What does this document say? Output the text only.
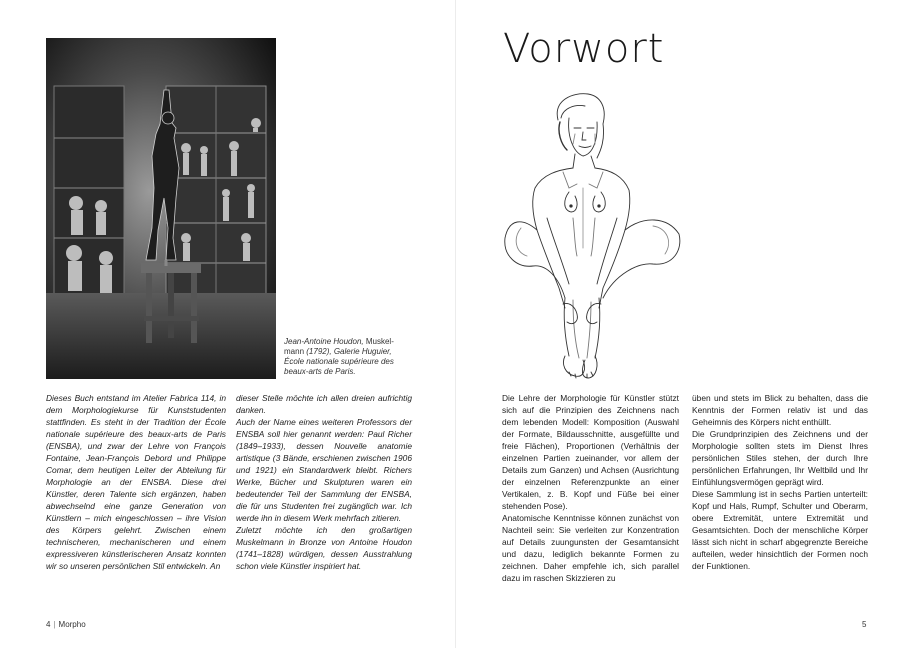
Jean-Antoine Houdon, Muskel-mann (1792), Galerie Huguier, École nationale supérieure des beaux-arts de Paris.

Dieses Buch entstand im Atelier Fabrica 114, in dem Morphologiekurse für Kunststudenten stattfinden. Es steht in der Tradition der École nationale supérieure des beaux-arts de Paris (ENSBA), und zwar der Lehre von François Fontaine, Jean-François Debord und Philippe Comar, dem heutigen Leiter der Abteilung für Morphologie an der ENSBA. Diese drei Künstler, deren Talente sich ergänzen, haben abwechselnd eine ganze Generation von Künstlern – mich eingeschlossen – ihre Vision des Körpers gelehrt. Zwischen einem technischeren, mechanischeren und einem expressiveren künstlerischeren Ansatz konnten wir so unseren persönlichen Stil entwickeln. An

dieser Stelle möchte ich allen dreien aufrichtig danken.

Auch der Name eines weiteren Professors der ENSBA soll hier genannt werden: Paul Richer (1849–1933), dessen Nouvelle anatomie artistique (3 Bände, erschienen zwischen 1906 und 1921) ein Standardwerk bleibt. Richers Werke, Bücher und Skulpturen waren ein bedeutender Teil der Sammlung der ENSBA, die für uns Studenten frei zugänglich war. Ich werde ihn in diesem Werk mehrfach zitieren.

Zuletzt möchte ich den großartigen Muskelmann in Bronze von Antoine Houdon (1741–1828) würdigen, dessen Ausstrahlung schon viele Künstler inspiriert hat.

4 | Morpho
Vorwort

Die Lehre der Morphologie für Künstler stützt sich auf die Prinzipien des Zeichnens nach dem lebenden Modell: Komposition (Auswahl der Formate, Bildausschnitte, ausgefüllte und freie Flächen), Proportionen (Verhältnis der einzelnen Partien zueinander, vor allem der Details zum Ganzen) und Achsen (Ausrichtung der einzelnen Referenzpunkte an einer Vertikalen, z. B. Kopf und Füße bei einer stehenden Pose).

Anatomische Kenntnisse können zunächst von Nachteil sein: Sie verleiten zur Konzentration auf Details zuungunsten der Gesamtansicht und dazu, lediglich bekannte Formen zu zeichnen. Daher empfehle ich, sich parallel dazu im raschen Skizzieren zu

üben und stets im Blick zu behalten, dass die Kenntnis der Formen relativ ist und das Geheimnis des Körpers nicht enthüllt.

Die Grundprinzipien des Zeichnens und der Morphologie sollten stets im Dienst Ihres persönlichen Stiles stehen, der durch Ihre persönlichen Erfahrungen, Ihr Weltbild und Ihr Einfühlungsvermögen geprägt wird.

Diese Sammlung ist in sechs Partien unterteilt: Kopf und Hals, Rumpf, Schulter und Oberarm, obere Extremität, untere Extremität und Gesamtsichten. Doch der menschliche Körper lässt sich nicht in scharf abgegrenzte Bereiche aufteilen, weder hinsichtlich der Formen noch der Funktionen.

5
